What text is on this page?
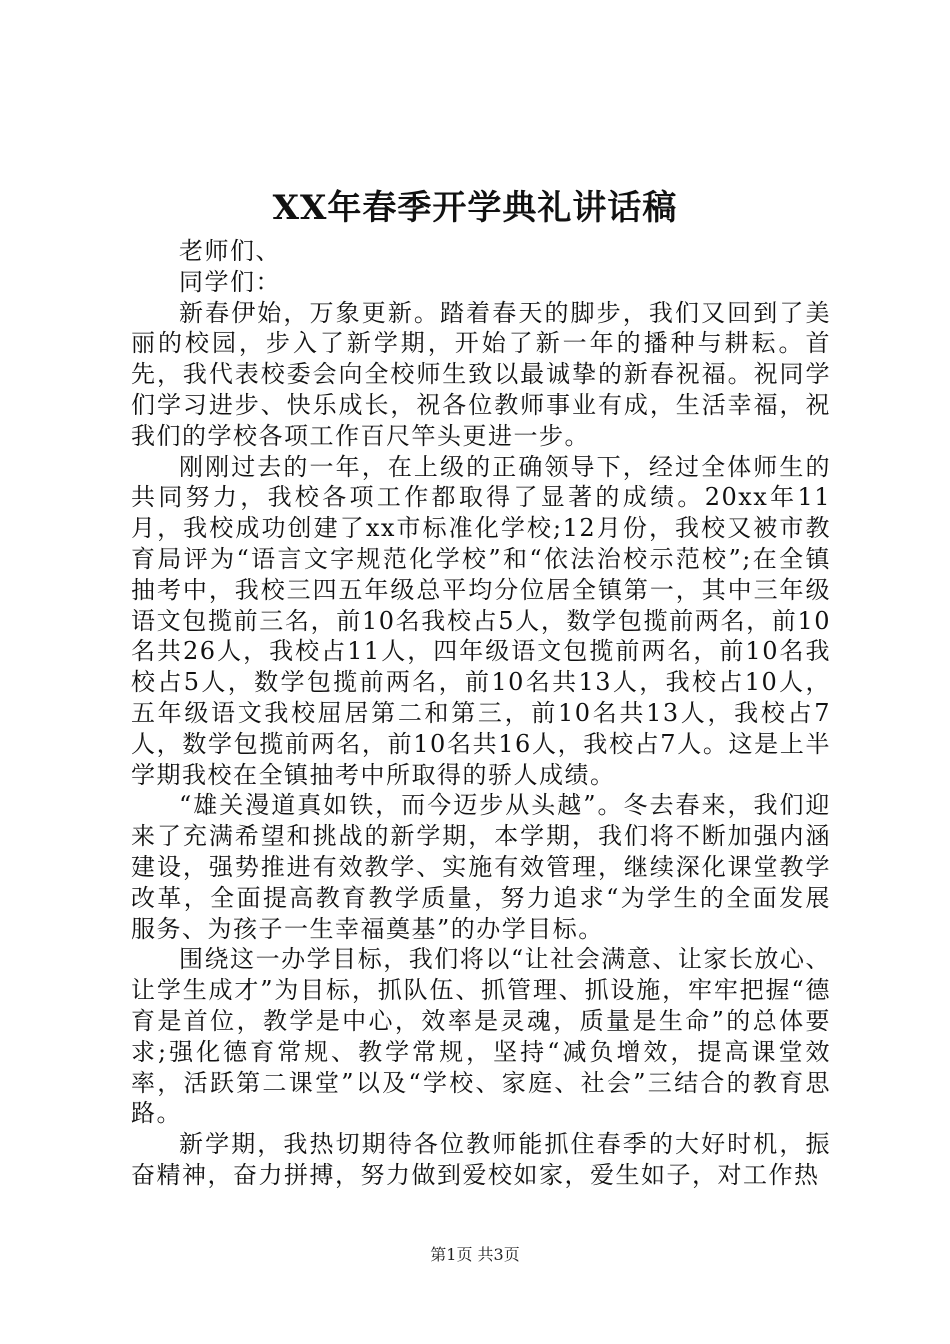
XX年春季开学典礼讲话稿

老师们、

同学们：

新春伊始，万象更新。踏着春天的脚步，我们又回到了美丽的校园，步入了新学期，开始了新一年的播种与耕耘。首先，我代表校委会向全校师生致以最诚挚的新春祝福。祝同学们学习进步、快乐成长，祝各位教师事业有成，生活幸福，祝我们的学校各项工作百尺竿头更进一步。

刚刚过去的一年，在上级的正确领导下，经过全体师生的共同努力，我校各项工作都取得了显著的成绩。20xx年11月，我校成功创建了xx市标准化学校;12月份，我校又被市教育局评为“语言文字规范化学校”和“依法治校示范校”;在全镇抽考中，我校三四五年级总平均分位居全镇第一，其中三年级语文包揽前三名，前10名我校占5人，数学包揽前两名，前10名共26人，我校占11人，四年级语文包揽前两名，前10名我校占5人，数学包揽前两名，前10名共13人，我校占10人，五年级语文我校屈居第二和第三，前10名共13人，我校占7人，数学包揽前两名，前10名共16人，我校占7人。这是上半学期我校在全镇抽考中所取得的骄人成绩。

“雄关漫道真如铁，而今迈步从头越”。冬去春来，我们迎来了充满希望和挑战的新学期，本学期，我们将不断加强内涵建设，强势推进有效教学、实施有效管理，继续深化课堂教学改革，全面提高教育教学质量，努力追求“为学生的全面发展服务、为孩子一生幸福奠基”的办学目标。

围绕这一办学目标，我们将以“让社会满意、让家长放心、让学生成才”为目标，抓队伍、抓管理、抓设施，牢牢把握“德育是首位，教学是中心，效率是灵魂，质量是生命”的总体要求;强化德育常规、教学常规，坚持“减负增效，提高课堂效率，活跃第二课堂”以及“学校、家庭、社会”三结合的教育思路。

新学期，我热切期待各位教师能抓住春季的大好时机，振奋精神，奋力拼搏，努力做到爱校如家，爱生如子，对工作热

第1页 共3页
